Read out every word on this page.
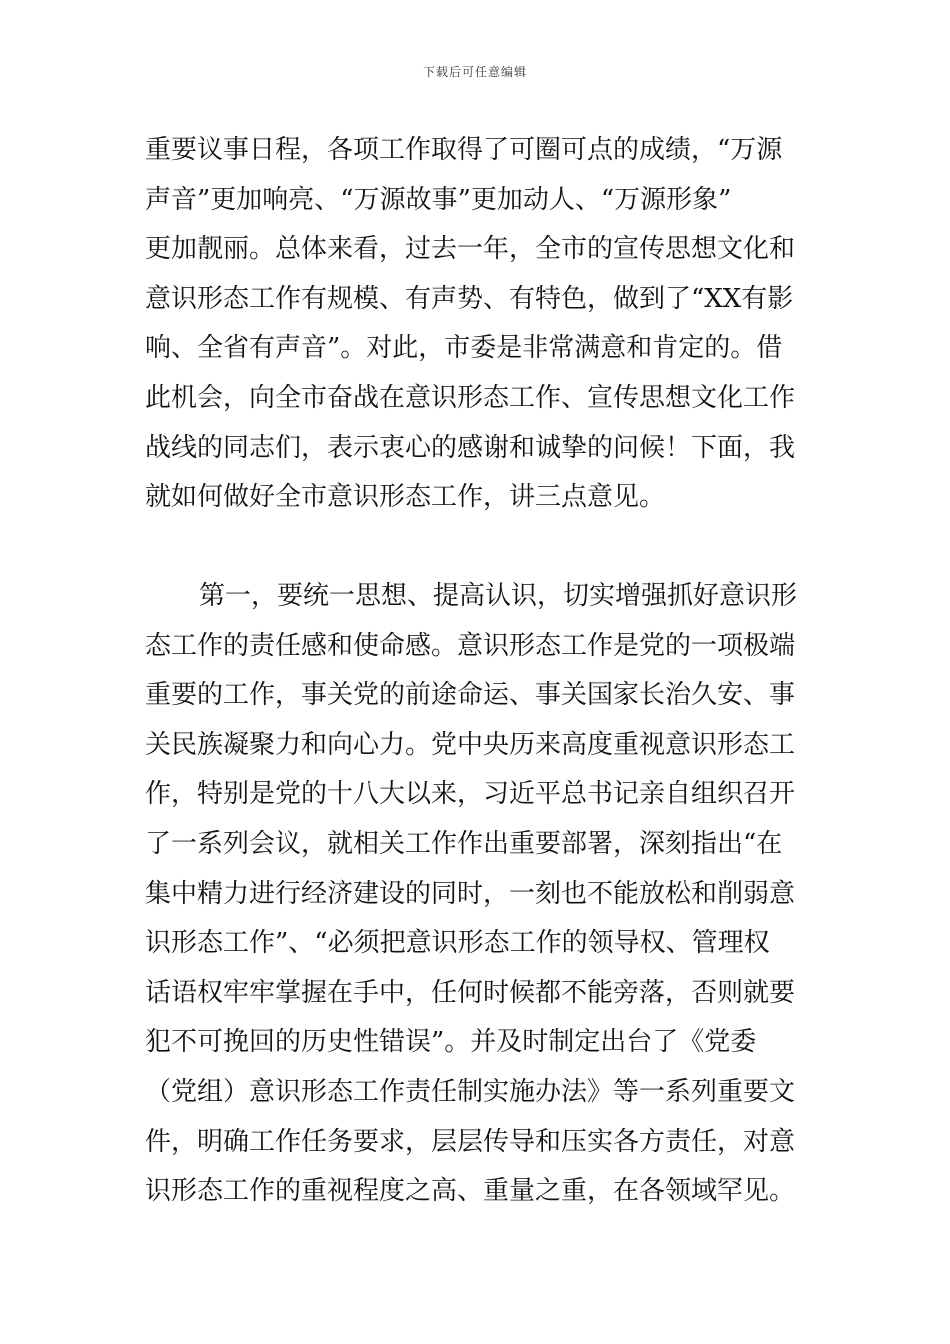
下载后可任意编辑
重要议事日程，各项工作取得了可圈可点的成绩，“万源
声音”更加响亮、“万源故事”更加动人、“万源形象”
更加靓丽。总体来看，过去一年，全市的宣传思想文化和
意识形态工作有规模、有声势、有特色，做到了“XX有影
响、全省有声音”。对此，市委是非常满意和肯定的。借
此机会，向全市奋战在意识形态工作、宣传思想文化工作
战线的同志们，表示衷心的感谢和诚挚的问候！下面，我
就如何做好全市意识形态工作，讲三点意见。
第一，要统一思想、提高认识，切实增强抓好意识形
态工作的责任感和使命感。意识形态工作是党的一项极端
重要的工作，事关党的前途命运、事关国家长治久安、事
关民族凝聚力和向心力。党中央历来高度重视意识形态工
作，特别是党的十八大以来，习近平总书记亲自组织召开
了一系列会议，就相关工作作出重要部署，深刻指出“在
集中精力进行经济建设的同时，一刻也不能放松和削弱意
识形态工作”、“必须把意识形态工作的领导权、管理权
话语权牢牢掌握在手中，任何时候都不能旁落，否则就要
犯不可挽回的历史性错误”。并及时制定出台了《党委
（党组）意识形态工作责任制实施办法》等一系列重要文
件，明确工作任务要求，层层传导和压实各方责任，对意
识形态工作的重视程度之高、重量之重，在各领域罕见。
